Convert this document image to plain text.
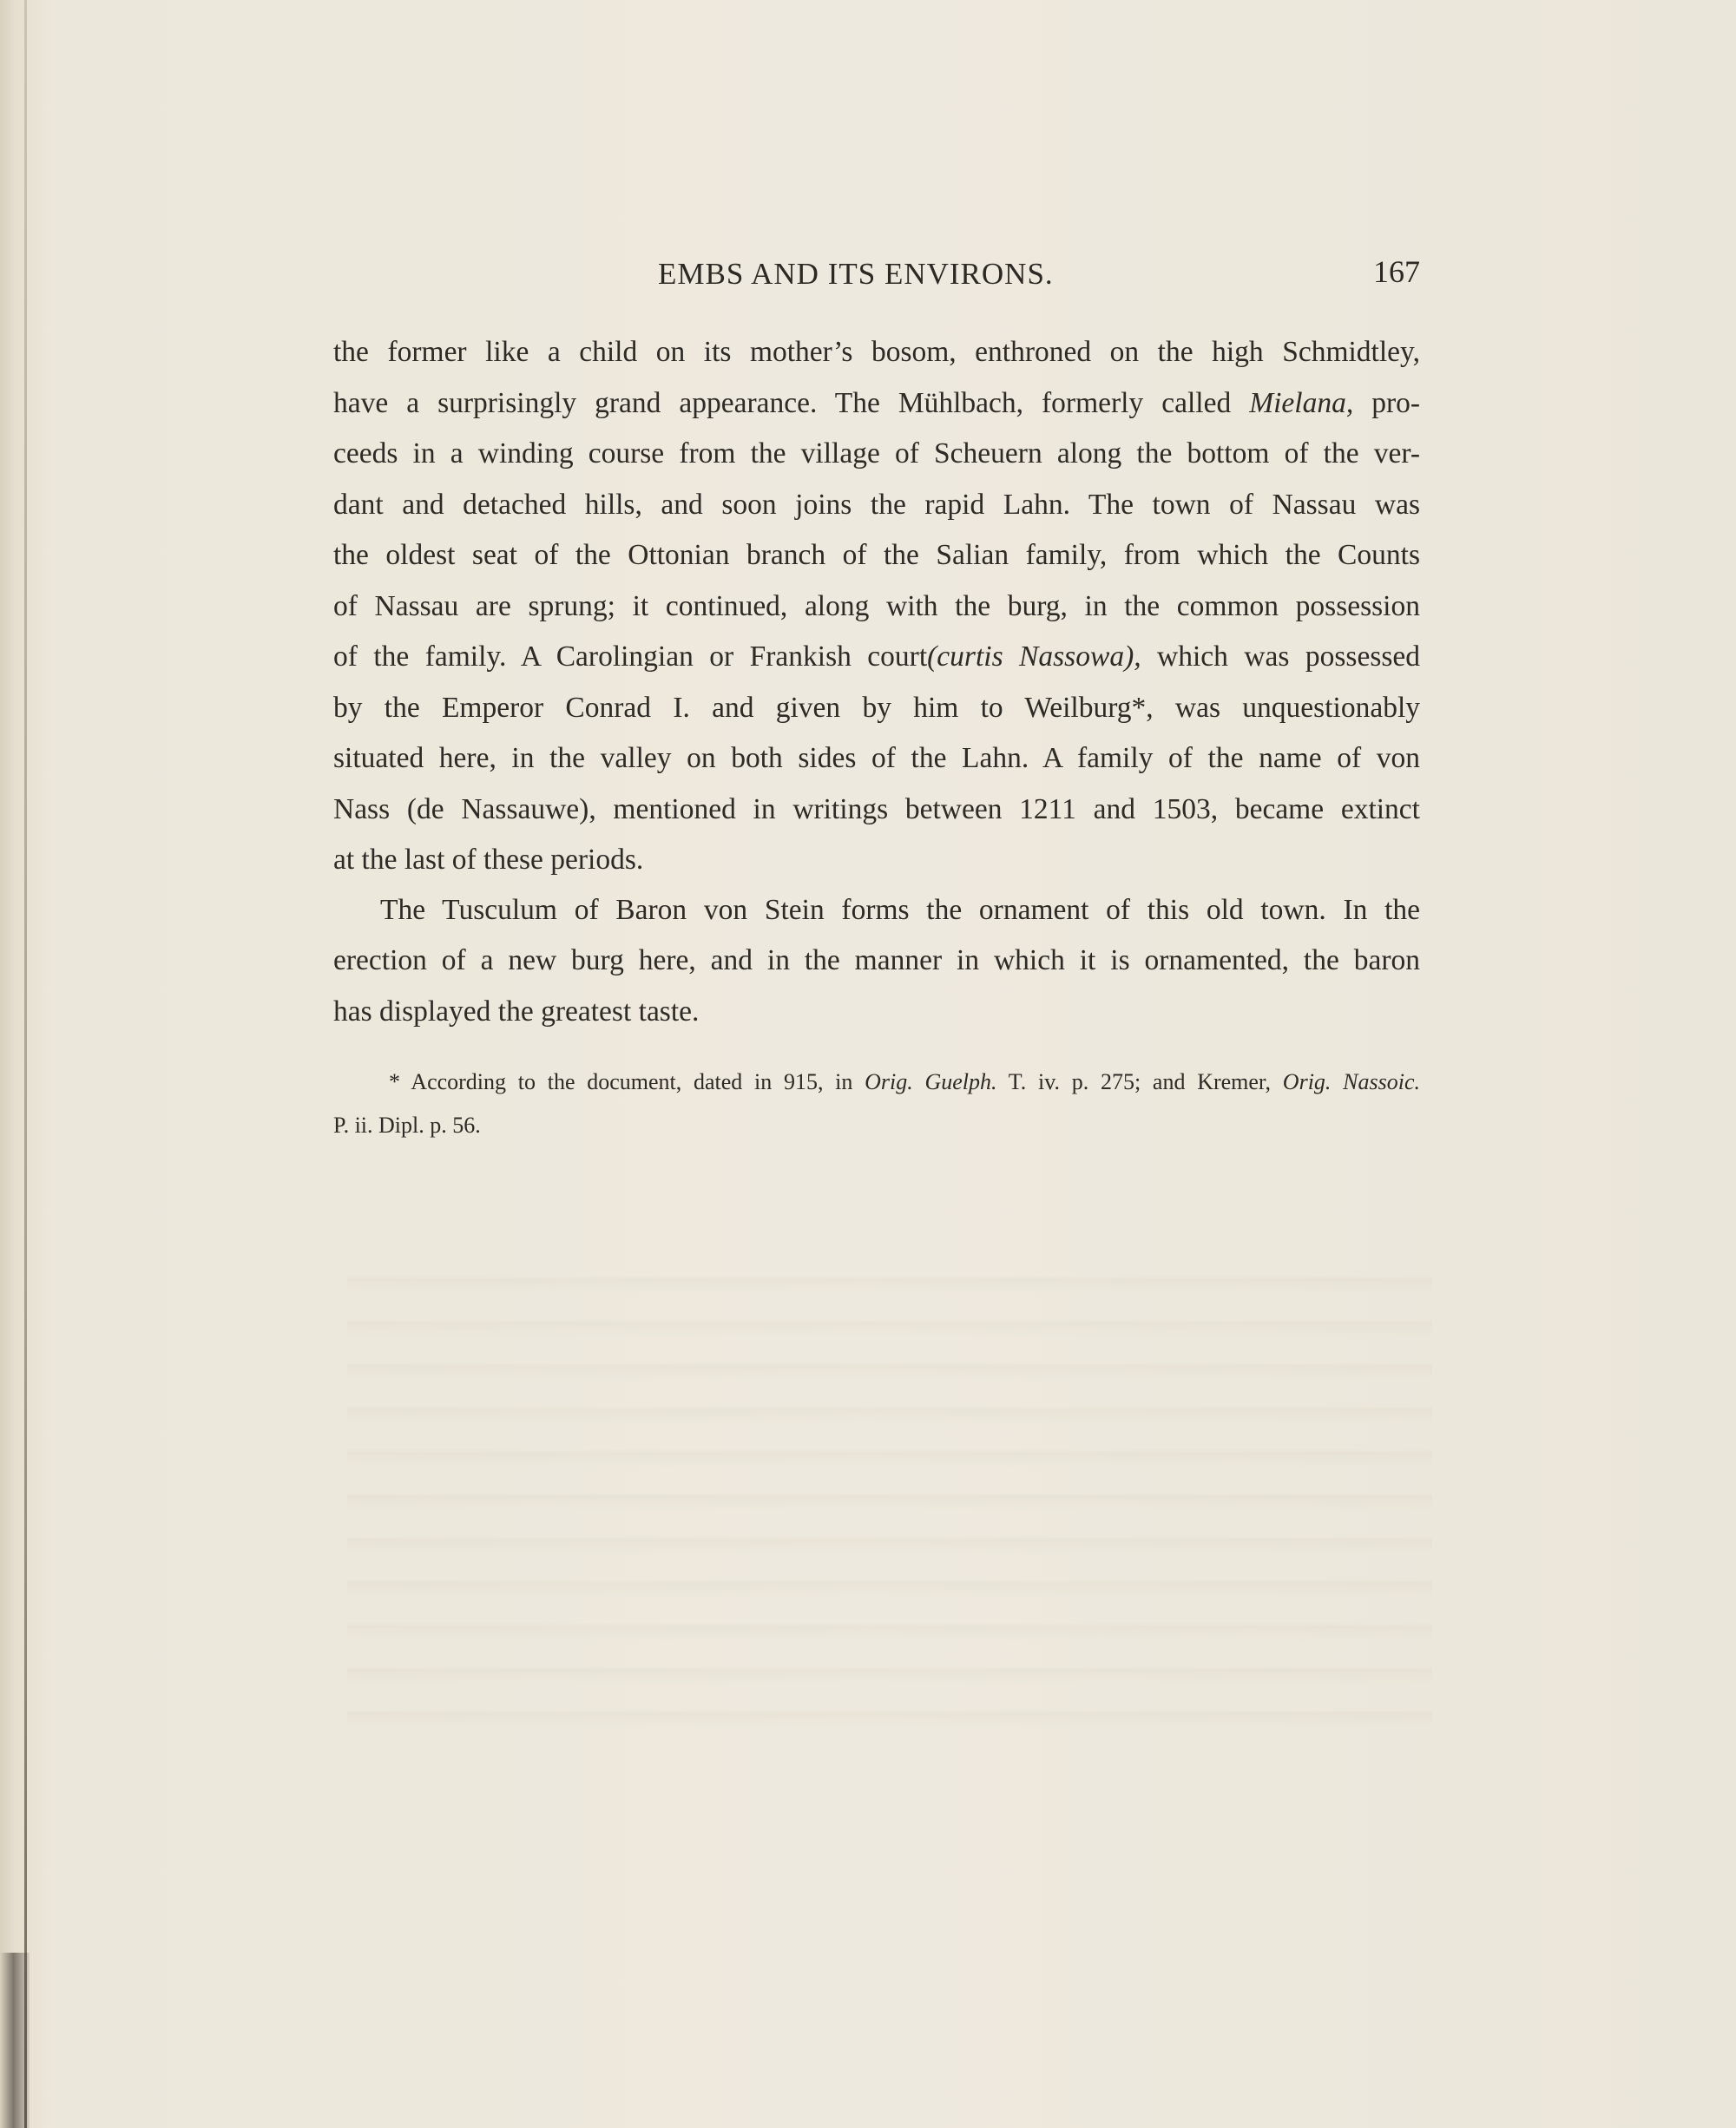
EMBS AND ITS ENVIRONS.	167
the former like a child on its mother’s bosom, enthroned on the high Schmidtley,
have a surprisingly grand appearance. The Mühlbach, formerly called Mielana, pro-
ceeds in a winding course from the village of Scheuern along the bottom of the ver-
dant and detached hills, and soon joins the rapid Lahn. The town of Nassau was
the oldest seat of the Ottonian branch of the Salian family, from which the Counts
of Nassau are sprung; it continued, along with the burg, in the common possession
of the family. A Carolingian or Frankish court(curtis Nassowa), which was possessed
by the Emperor Conrad I. and given by him to Weilburg*, was unquestionably
situated here, in the valley on both sides of the Lahn. A family of the name of von
Nass (de Nassauwe), mentioned in writings between 1211 and 1503, became extinct
at the last of these periods.
The Tusculum of Baron von Stein forms the ornament of this old town. In the
erection of a new burg here, and in the manner in which it is ornamented, the baron
has displayed the greatest taste.
* According to the document, dated in 915, in Orig. Guelph. T. iv. p. 275; and Kremer, Orig. Nassoic.
P. ii. Dipl. p. 56.
